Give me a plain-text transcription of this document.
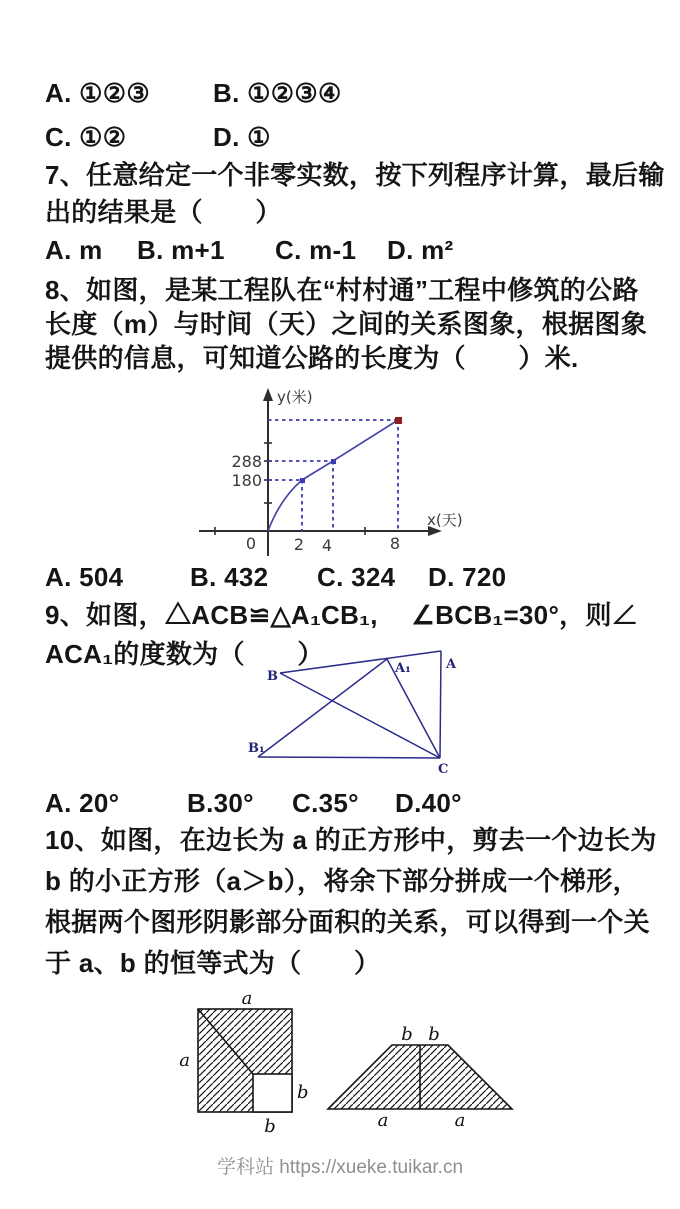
A. ①②③ B. ①②③④
C. ①②	D. ①
7、任意给定一个非零实数，按下列程序计算，最后输
出的结果是（　　）
A. m B. m+1 C. m-1 D. m²
8、如图，是某工程队在“村村通”工程中修筑的公路
长度（m）与时间（天）之间的关系图象，根据图象
提供的信息，可知道公路的长度为（　　）米.
y(米)
x(天)
0 2 4	8
288
180
A. 504	B. 432 C. 324 D. 720
9、如图，△ACB≌△A₁CB₁,　 ∠BCB₁=30°，则∠
ACA₁的度数为（　　）
B
A
A₁
B₁
C
A. 20°	B.30° C.35° D.40°
10、如图，在边长为 a 的正方形中，剪去一个边长为
b 的小正方形（a＞b），将余下部分拼成一个梯形，
根据两个图形阴影部分面积的关系，可以得到一个关
于 a、b 的恒等式为（　　）
a
a
b
b
b b
a	a
学科站 https://xueke.tuikar.cn
